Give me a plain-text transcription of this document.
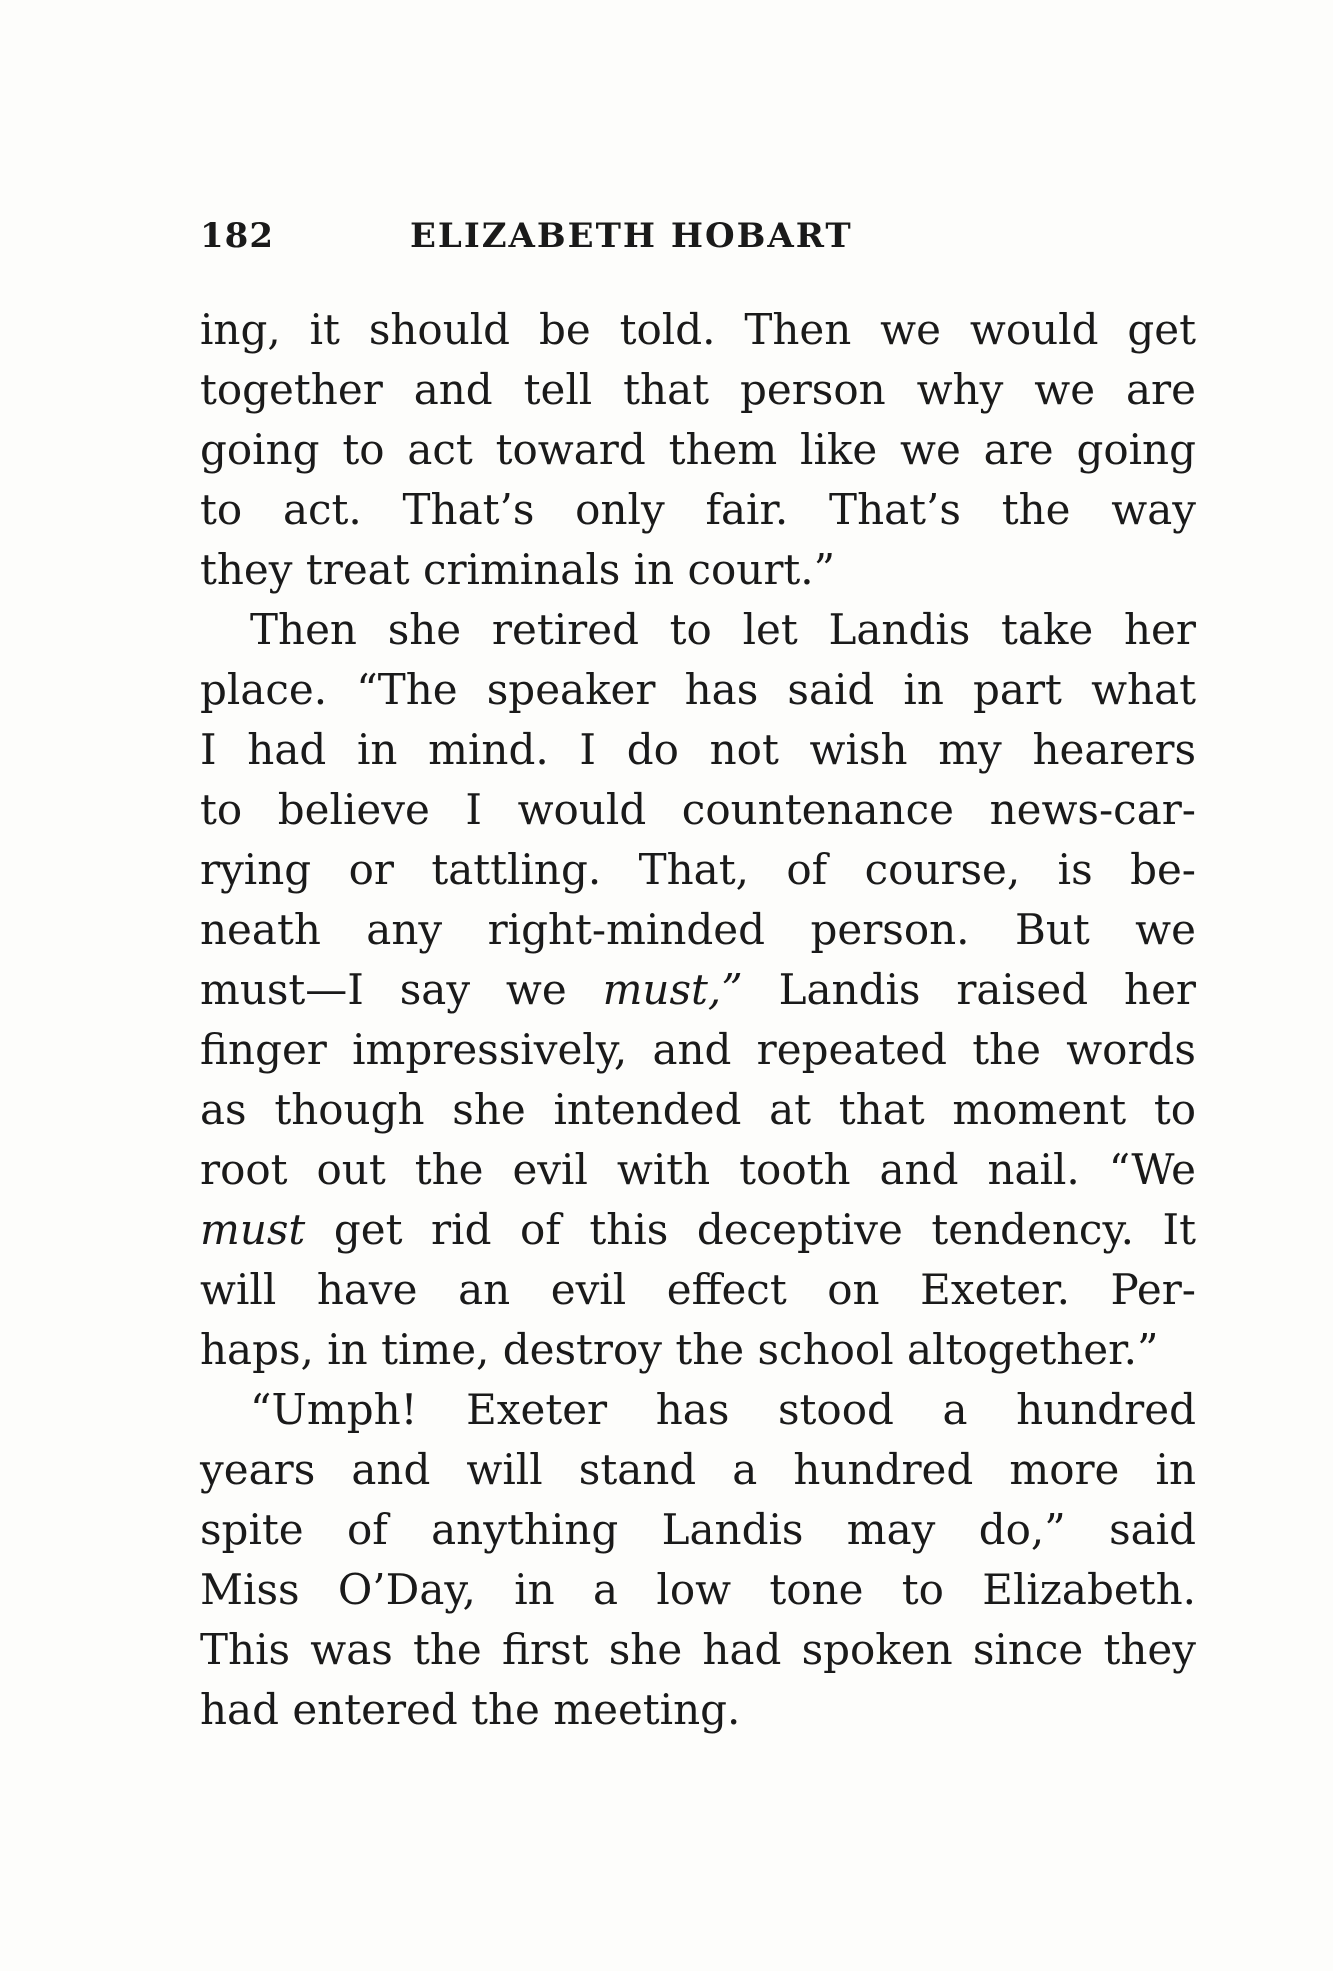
182	ELIZABETH HOBART
ing, it should be told. Then we would get
together and tell that person why we are
going to act toward them like we are going
to act. That’s only fair. That’s the way
they treat criminals in court.”
Then she retired to let Landis take her
place. “The speaker has said in part what
I had in mind. I do not wish my hearers
to believe I would countenance news-car-
rying or tattling. That, of course, is be-
neath any right-minded person. But we
must—I say we must,” Landis raised her
finger impressively, and repeated the words
as though she intended at that moment to
root out the evil with tooth and nail. “We
must get rid of this deceptive tendency. It
will have an evil effect on Exeter. Per-
haps, in time, destroy the school altogether.”
“Umph! Exeter has stood a hundred
years and will stand a hundred more in
spite of anything Landis may do,” said
Miss O’Day, in a low tone to Elizabeth.
This was the first she had spoken since they
had entered the meeting.
